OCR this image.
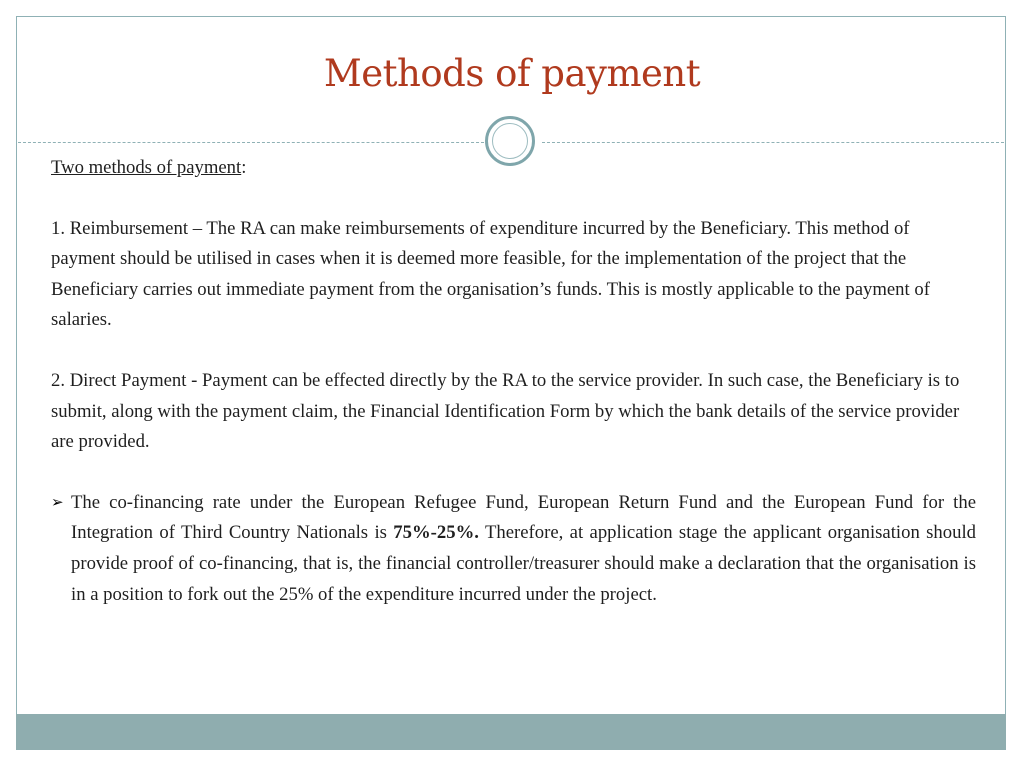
Methods of payment

Two methods of payment:

1. Reimbursement – The RA can make reimbursements of expenditure incurred by the Beneficiary. This method of payment should be utilised in cases when it is deemed more feasible, for the implementation of the project that the Beneficiary carries out immediate payment from the organisation’s funds. This is mostly applicable to the payment of salaries.

2. Direct Payment - Payment can be effected directly by the RA to the service provider. In such case, the Beneficiary is to submit, along with the payment claim, the Financial Identification Form by which the bank details of the service provider are provided.

➢ The co-financing rate under the European Refugee Fund, European Return Fund and the European Fund for the Integration of Third Country Nationals is 75%-25%. Therefore, at application stage the applicant organisation should provide proof of co-financing, that is, the financial controller/treasurer should make a declaration that the organisation is in a position to fork out the 25% of the expenditure incurred under the project.
